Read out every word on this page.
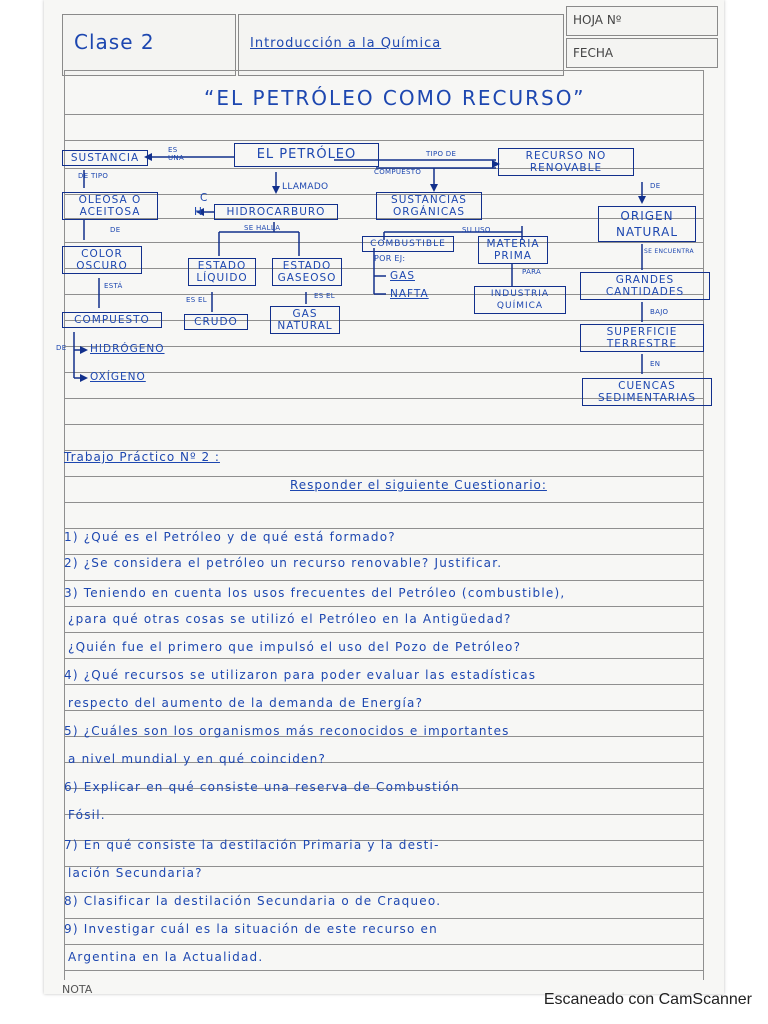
Clase 2	Introducción a la Química
HOJA Nº
FECHA
“EL PETRÓLEO COMO RECURSO”
EL PETRÓLEO
SUSTANCIA
ES UNA
DE TIPO
OLEOSA O ACEITOSA
DE
COLOR OSCURO
ESTÁ
COMPUESTO
DE HIDRÓGENO
OXÍGENO
LLAMADO
C
H	HIDROCARBURO
SE HALLA
ESTADO LÍQUIDO
ESTADO GASEOSO
ES EL	ES EL
CRUDO
GAS NATURAL
COMPUESTO
SUSTANCIAS ORGÁNICAS
COMBUSTIBLE
SU USO
MATERIA PRIMA
POR EJ:
GAS
NAFTA
PARA
INDUSTRIA QUÍMICA
TIPO DE	RECURSO NO RENOVABLE
DE
ORIGEN NATURAL
SE ENCUENTRA
GRANDES CANTIDADES
BAJO
SUPERFICIE TERRESTRE
EN
CUENCAS SEDIMENTARIAS
Trabajo Práctico Nº 2 :
Responder el siguiente Cuestionario:
1) ¿Qué es el Petróleo y de qué está formado?
2) ¿Se considera el petróleo un recurso renovable? Justificar.
3) Teniendo en cuenta los usos frecuentes del Petróleo (combustible),
¿para qué otras cosas se utilizó el Petróleo en la Antigüedad?
¿Quién fue el primero que impulsó el uso del Pozo de Petróleo?
4) ¿Qué recursos se utilizaron para poder evaluar las estadísticas
respecto del aumento de la demanda de Energía?
5) ¿Cuáles son los organismos más reconocidos e importantes
a nivel mundial y en qué coinciden?
6) Explicar en qué consiste una reserva de Combustión
Fósil.
7) En qué consiste la destilación Primaria y la desti-
lación Secundaria?
8) Clasificar la destilación Secundaria o de Craqueo.
9) Investigar cuál es la situación de este recurso en
Argentina en la Actualidad.
NOTA
Escaneado con CamScanner
